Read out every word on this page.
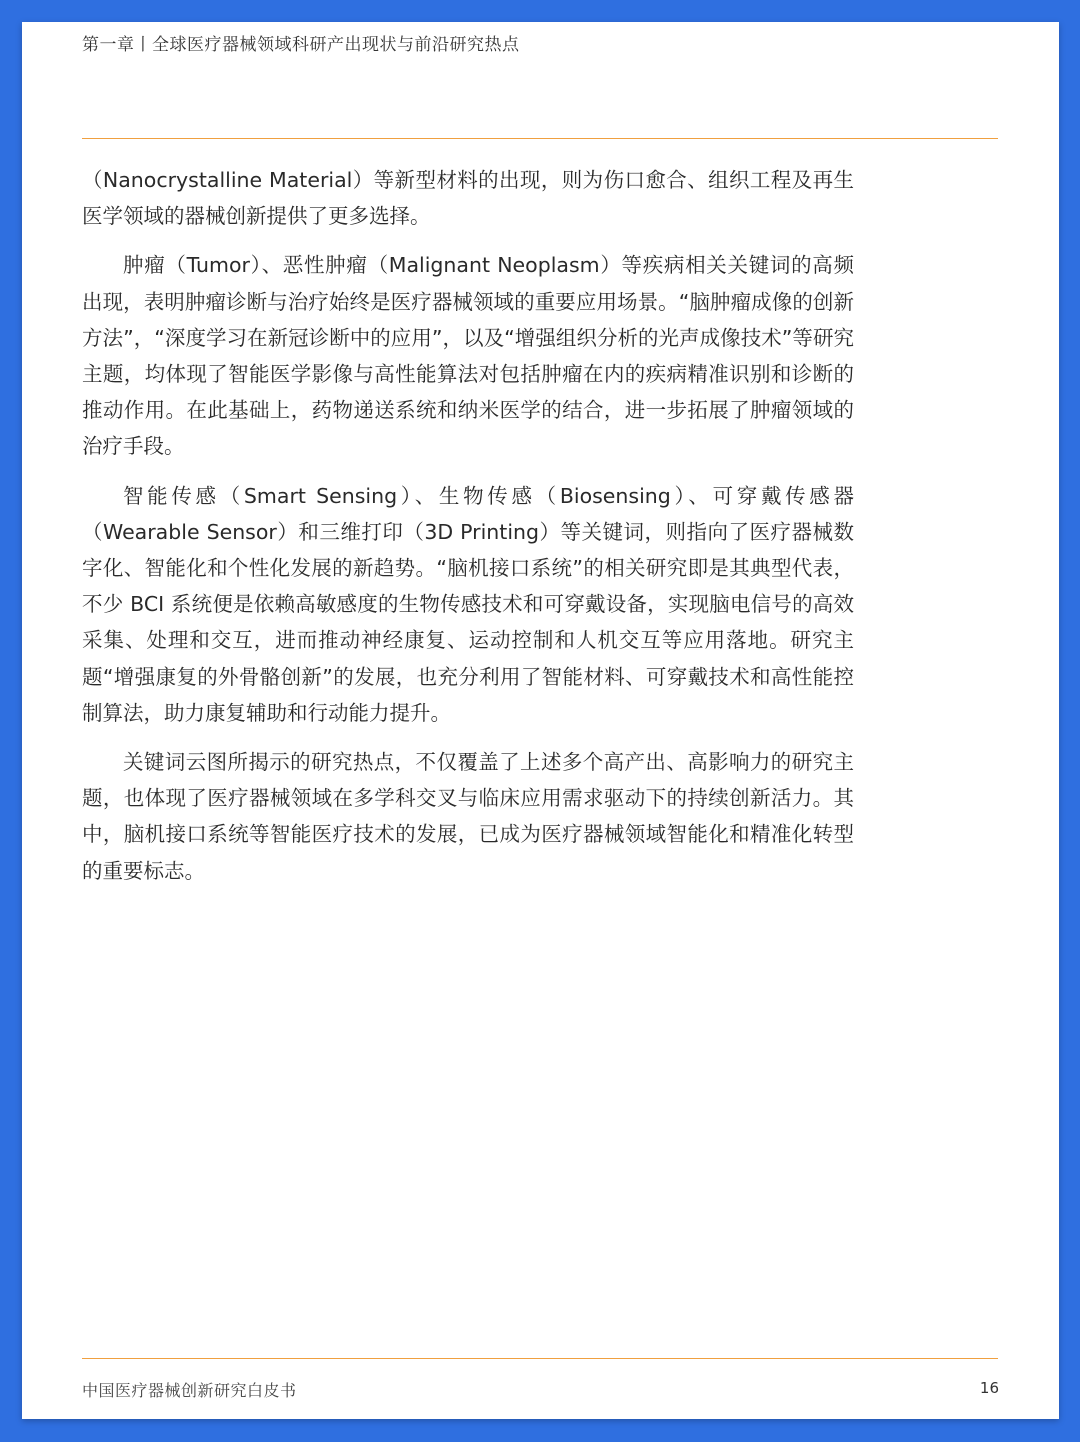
第一章丨全球医疗器械领域科研产出现状与前沿研究热点

（Nanocrystalline Material）等新型材料的出现，则为伤口愈合、组织工程及再生医学领域的器械创新提供了更多选择。

肿瘤（Tumor）、恶性肿瘤（Malignant Neoplasm）等疾病相关关键词的高频出现，表明肿瘤诊断与治疗始终是医疗器械领域的重要应用场景。“脑肿瘤成像的创新方法”，“深度学习在新冠诊断中的应用”，以及“增强组织分析的光声成像技术”等研究主题，均体现了智能医学影像与高性能算法对包括肿瘤在内的疾病精准识别和诊断的推动作用。在此基础上，药物递送系统和纳米医学的结合，进一步拓展了肿瘤领域的治疗手段。

智能传感（Smart Sensing）、生物传感（Biosensing）、可穿戴传感器（Wearable Sensor）和三维打印（3D Printing）等关键词，则指向了医疗器械数字化、智能化和个性化发展的新趋势。“脑机接口系统”的相关研究即是其典型代表，不少 BCI 系统便是依赖高敏感度的生物传感技术和可穿戴设备，实现脑电信号的高效采集、处理和交互，进而推动神经康复、运动控制和人机交互等应用落地。研究主题“增强康复的外骨骼创新”的发展，也充分利用了智能材料、可穿戴技术和高性能控制算法，助力康复辅助和行动能力提升。

关键词云图所揭示的研究热点，不仅覆盖了上述多个高产出、高影响力的研究主题，也体现了医疗器械领域在多学科交叉与临床应用需求驱动下的持续创新活力。其中，脑机接口系统等智能医疗技术的发展，已成为医疗器械领域智能化和精准化转型的重要标志。

中国医疗器械创新研究白皮书	16
